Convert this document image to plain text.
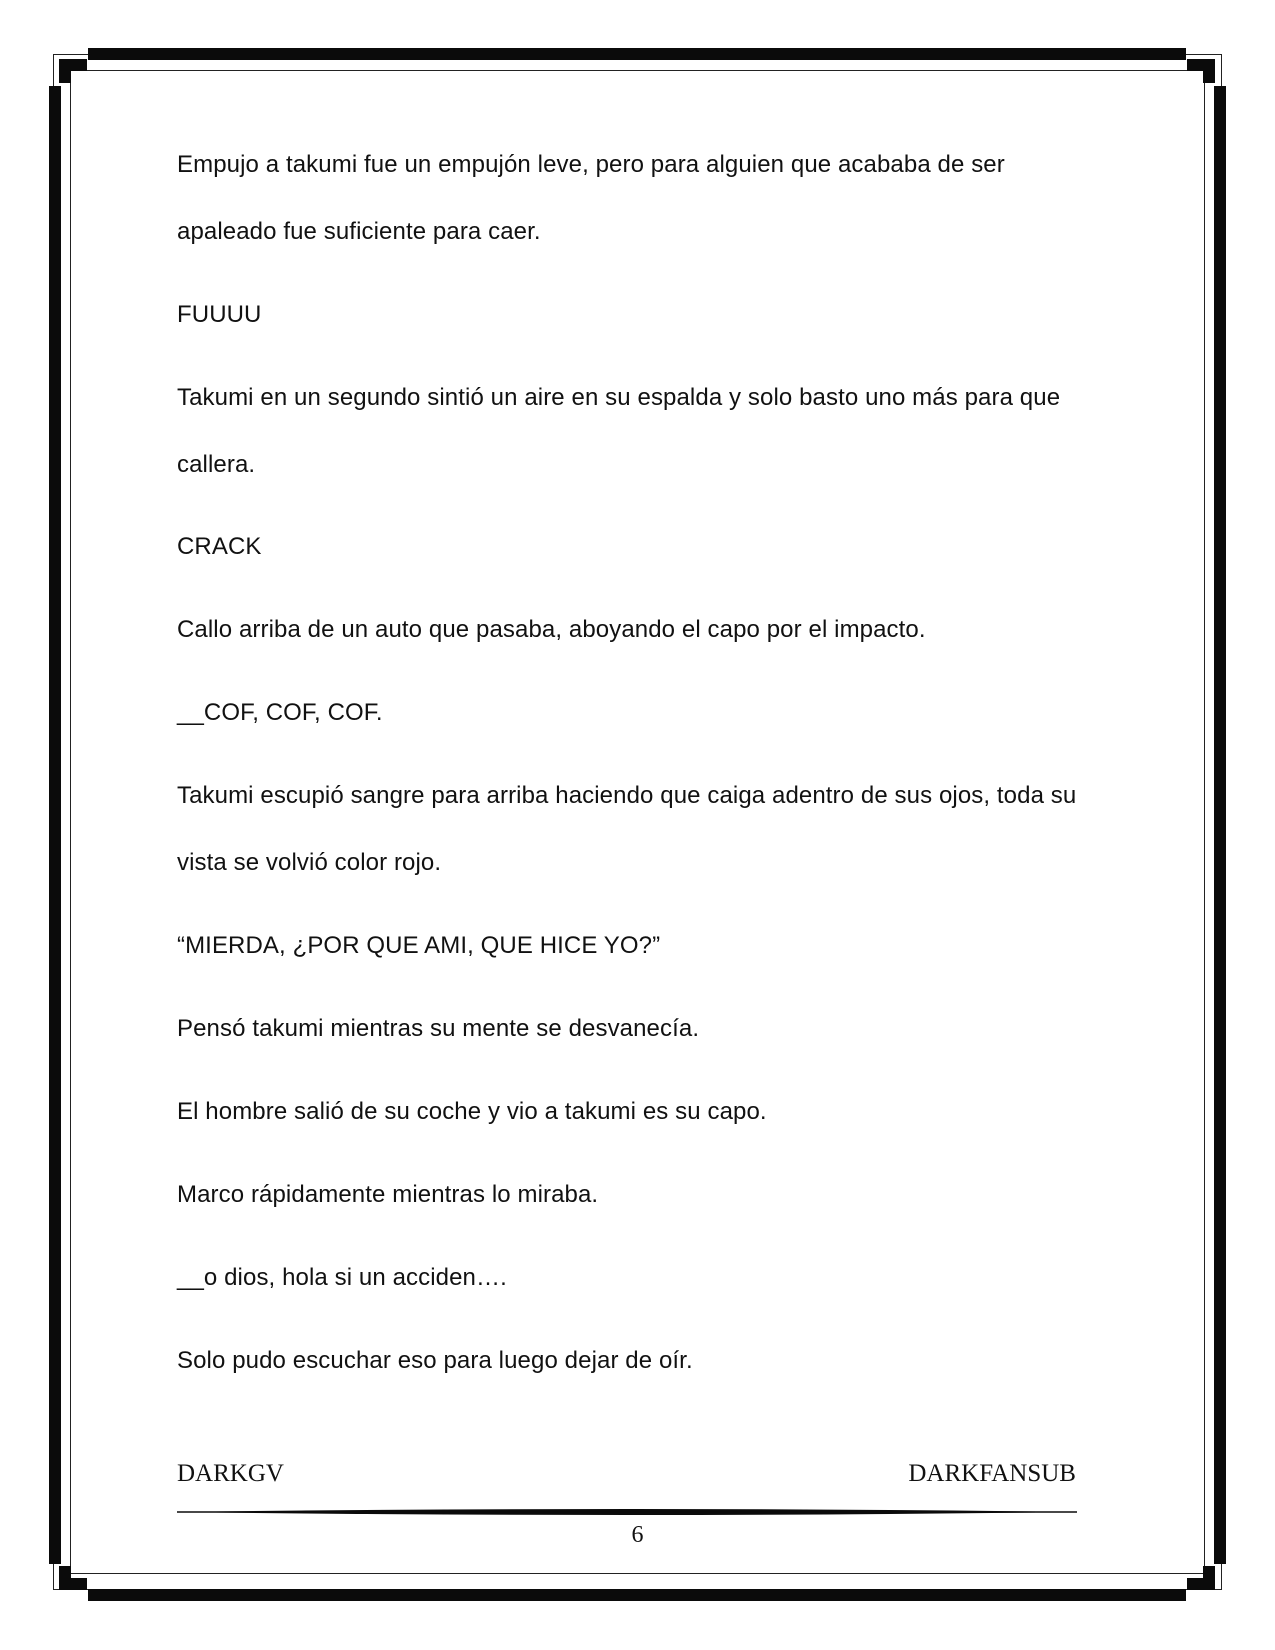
Empujo a takumi fue un empujón leve, pero para alguien que acababa de ser
apaleado fue suficiente para caer.
FUUUU
Takumi en un segundo sintió un aire en su espalda y solo basto uno más para que
callera.
CRACK
Callo arriba de un auto que pasaba, aboyando el capo por el impacto.
__COF, COF, COF.
Takumi escupió sangre para arriba haciendo que caiga adentro de sus ojos, toda su
vista se volvió color rojo.
“MIERDA, ¿POR QUE AMI, QUE HICE YO?”
Pensó takumi mientras su mente se desvanecía.
El hombre salió de su coche y vio a takumi es su capo.
Marco rápidamente mientras lo miraba.
__o dios, hola si un acciden….
Solo pudo escuchar eso para luego dejar de oír.
DARKGV	DARKFANSUB
6
